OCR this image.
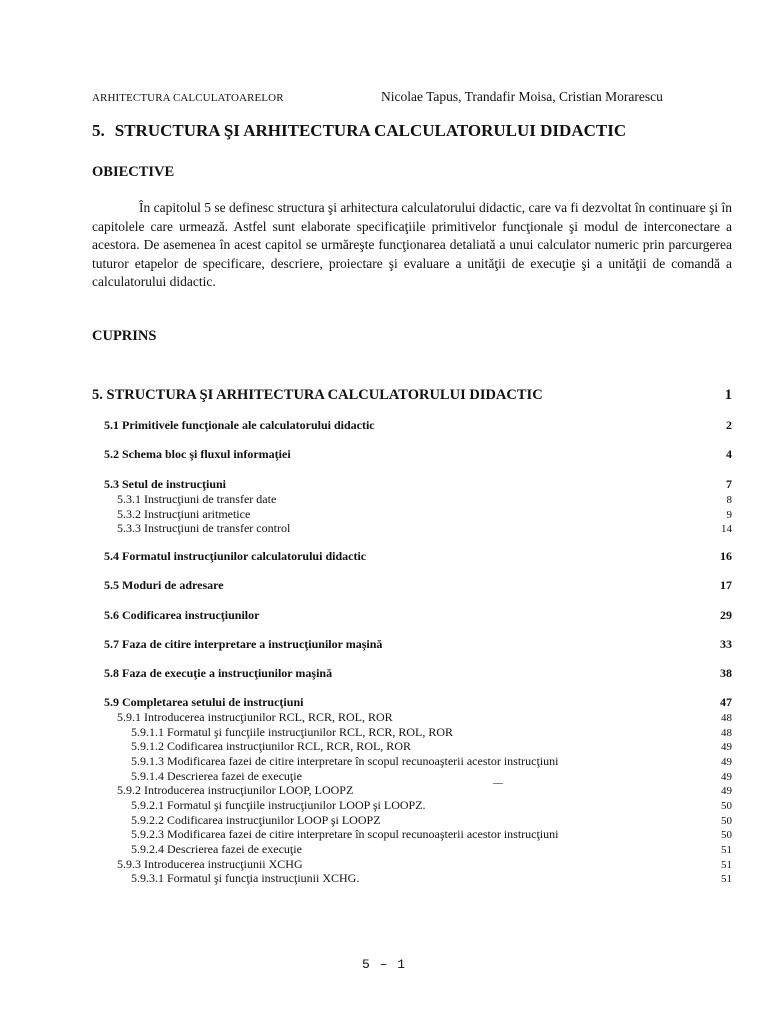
ARHITECTURA CALCULATOARELOR	Nicolae Tapus, Trandafir Moisa, Cristian Morarescu
5. STRUCTURA ŞI ARHITECTURA CALCULATORULUI DIDACTIC
OBIECTIVE

În capitolul 5 se definesc structura şi arhitectura calculatorului didactic, care va fi dezvoltat în continuare şi în capitolele care urmează. Astfel sunt elaborate specificaţiile primitivelor funcţionale şi modul de interconectare a acestora. De asemenea în acest capitol se urmăreşte funcţionarea detaliată a unui calculator numeric prin parcurgerea tuturor etapelor de specificare, descriere, proiectare şi evaluare a unităţii de execuţie şi a unităţii de comandă a calculatorului didactic.

CUPRINS
5. STRUCTURA ŞI ARHITECTURA CALCULATORULUI DIDACTIC	1
5.1 Primitivele funcţionale ale calculatorului didactic	2
5.2 Schema bloc şi fluxul informaţiei	4
5.3 Setul de instrucţiuni	7
5.3.1 Instrucţiuni de transfer date	8
5.3.2 Instrucţiuni aritmetice	9
5.3.3 Instrucţiuni de transfer control	14
5.4 Formatul instrucţiunilor calculatorului didactic	16
5.5 Moduri de adresare	17
5.6 Codificarea instrucţiunilor	29
5.7 Faza de citire interpretare a instrucţiunilor maşină	33
5.8 Faza de execuţie a instrucţiunilor maşină	38
5.9 Completarea setului de instrucţiuni	47
5.9.1 Introducerea instrucţiunilor RCL, RCR, ROL, ROR	48
5.9.1.1 Formatul şi funcţiile instrucţiunilor RCL, RCR, ROL, ROR	48
5.9.1.2 Codificarea instrucţiunilor RCL, RCR, ROL, ROR	49
5.9.1.3 Modificarea fazei de citire interpretare în scopul recunoaşterii acestor instrucţiuni	49
5.9.1.4 Descrierea fazei de execuţie	49
5.9.2 Introducerea instrucţiunilor LOOP, LOOPZ	49
5.9.2.1 Formatul şi funcţiile instrucţiunilor LOOP şi LOOPZ.	50
5.9.2.2 Codificarea instrucţiunilor LOOP şi LOOPZ	50
5.9.2.3 Modificarea fazei de citire interpretare în scopul recunoaşterii acestor instrucţiuni	50
5.9.2.4 Descrierea fazei de execuţie	51
5.9.3 Introducerea instrucţiunii XCHG	51
5.9.3.1 Formatul şi funcţia instrucţiunii XCHG.	51
__
5 – 1
